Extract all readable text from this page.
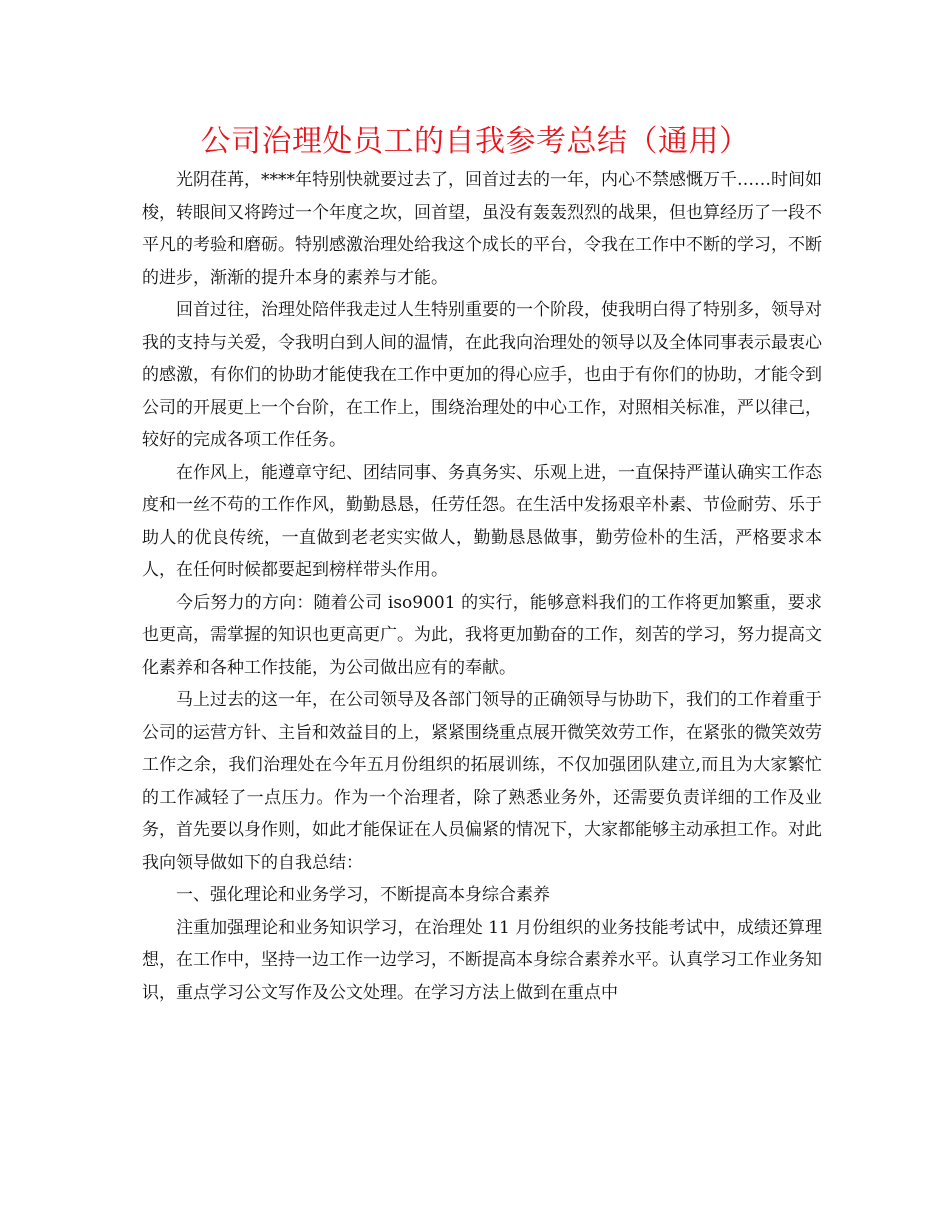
公司治理处员工的自我参考总结（通用）

光阴荏苒，****年特别快就要过去了，回首过去的一年，内心不禁感慨万千……时间如梭，转眼间又将跨过一个年度之坎，回首望，虽没有轰轰烈烈的战果，但也算经历了一段不平凡的考验和磨砺。特别感激治理处给我这个成长的平台，令我在工作中不断的学习，不断的进步，渐渐的提升本身的素养与才能。

回首过往，治理处陪伴我走过人生特别重要的一个阶段，使我明白得了特别多，领导对我的支持与关爱，令我明白到人间的温情，在此我向治理处的领导以及全体同事表示最衷心的感激，有你们的协助才能使我在工作中更加的得心应手，也由于有你们的协助，才能令到公司的开展更上一个台阶，在工作上，围绕治理处的中心工作，对照相关标准，严以律己，较好的完成各项工作任务。

在作风上，能遵章守纪、团结同事、务真务实、乐观上进，一直保持严谨认确实工作态度和一丝不苟的工作作风，勤勤恳恳，任劳任怨。在生活中发扬艰辛朴素、节俭耐劳、乐于助人的优良传统，一直做到老老实实做人，勤勤恳恳做事，勤劳俭朴的生活，严格要求本人，在任何时候都要起到榜样带头作用。

今后努力的方向：随着公司 iso9001 的实行，能够意料我们的工作将更加繁重，要求也更高，需掌握的知识也更高更广。为此，我将更加勤奋的工作，刻苦的学习，努力提高文化素养和各种工作技能，为公司做出应有的奉献。

马上过去的这一年，在公司领导及各部门领导的正确领导与协助下，我们的工作着重于公司的运营方针、主旨和效益目的上，紧紧围绕重点展开微笑效劳工作，在紧张的微笑效劳工作之余，我们治理处在今年五月份组织的拓展训练，不仅加强团队建立,而且为大家繁忙的工作减轻了一点压力。作为一个治理者，除了熟悉业务外，还需要负责详细的工作及业务，首先要以身作则，如此才能保证在人员偏紧的情况下，大家都能够主动承担工作。对此我向领导做如下的自我总结：

一、强化理论和业务学习，不断提高本身综合素养

注重加强理论和业务知识学习，在治理处 11 月份组织的业务技能考试中，成绩还算理想，在工作中，坚持一边工作一边学习，不断提高本身综合素养水平。认真学习工作业务知识，重点学习公文写作及公文处理。在学习方法上做到在重点中
